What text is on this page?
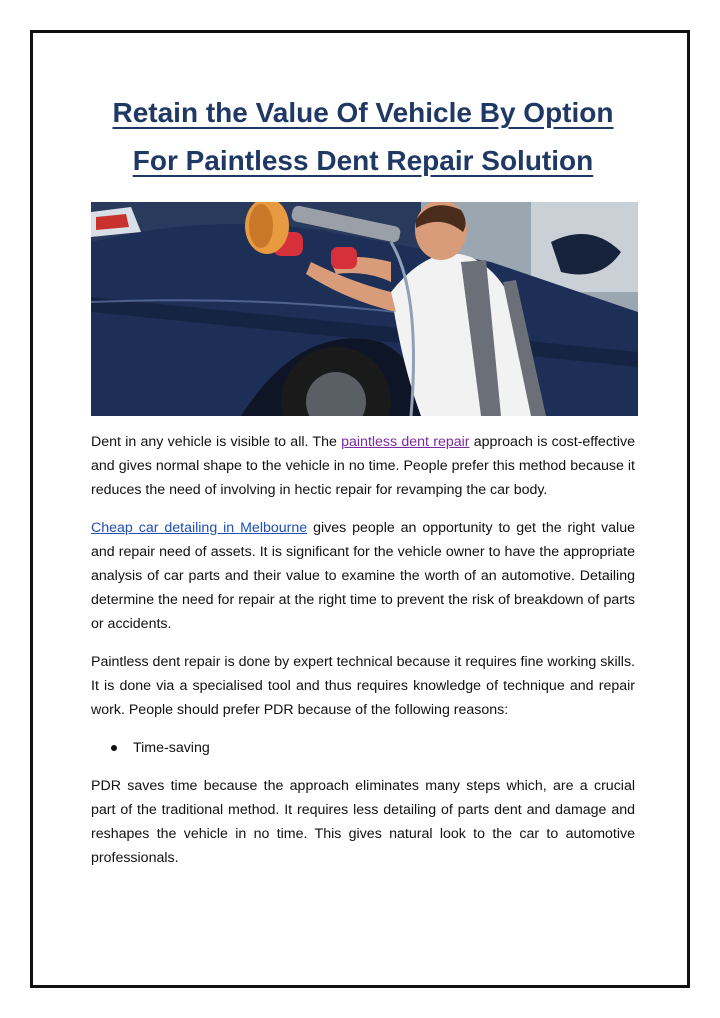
Retain the Value Of Vehicle By Option
For Paintless Dent Repair Solution

Dent in any vehicle is visible to all. The paintless dent repair approach is cost-effective and gives normal shape to the vehicle in no time. People prefer this method because it reduces the need of involving in hectic repair for revamping the car body.

Cheap car detailing in Melbourne gives people an opportunity to get the right value and repair need of assets. It is significant for the vehicle owner to have the appropriate analysis of car parts and their value to examine the worth of an automotive. Detailing determine the need for repair at the right time to prevent the risk of breakdown of parts or accidents.

Paintless dent repair is done by expert technical because it requires fine working skills. It is done via a specialised tool and thus requires knowledge of technique and repair work. People should prefer PDR because of the following reasons:

Time-saving

PDR saves time because the approach eliminates many steps which, are a crucial part of the traditional method. It requires less detailing of parts dent and damage and reshapes the vehicle in no time. This gives natural look to the car to automotive professionals.
